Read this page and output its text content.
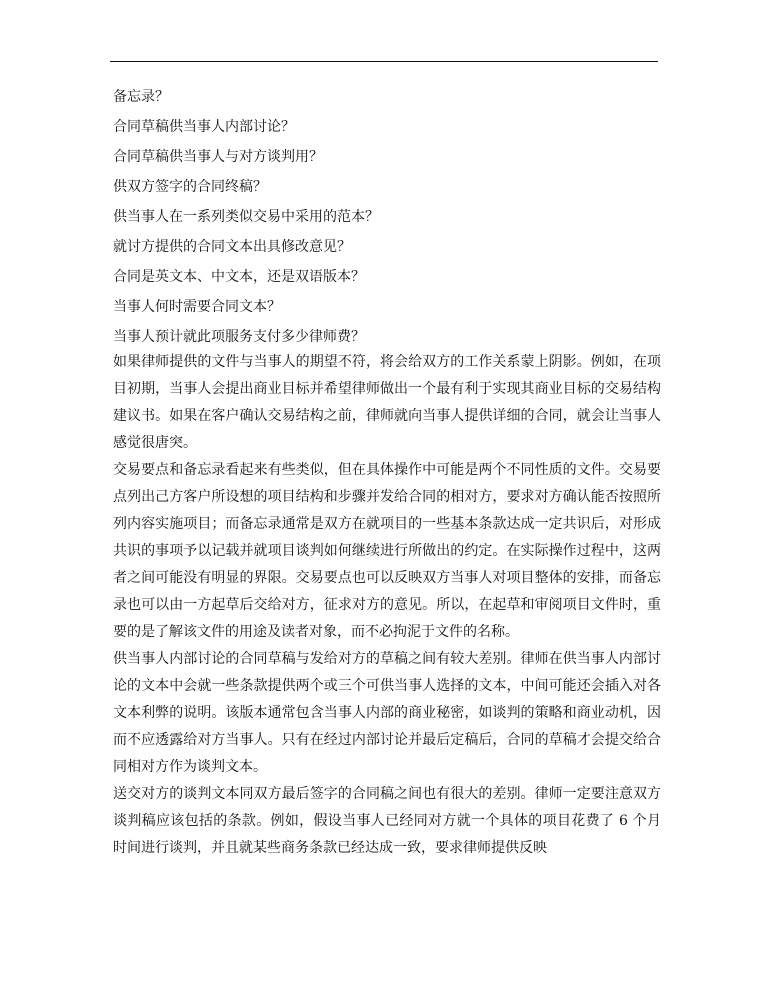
备忘录？

合同草稿供当事人内部讨论？

合同草稿供当事人与对方谈判用？

供双方签字的合同终稿？

供当事人在一系列类似交易中采用的范本？

就讨方提供的合同文本出具修改意见？

合同是英文本、中文本，还是双语版本？

当事人何时需要合同文本？

当事人预计就此项服务支付多少律师费？

如果律师提供的文件与当事人的期望不符，将会给双方的工作关系蒙上阴影。例如，在项目初期，当事人会提出商业目标并希望律师做出一个最有利于实现其商业目标的交易结构建议书。如果在客户确认交易结构之前，律师就向当事人提供详细的合同，就会让当事人感觉很唐突。

交易要点和备忘录看起来有些类似，但在具体操作中可能是两个不同性质的文件。交易要点列出己方客户所设想的项目结构和步骤并发给合同的相对方，要求对方确认能否按照所列内容实施项目；而备忘录通常是双方在就项目的一些基本条款达成一定共识后，对形成共识的事项予以记载并就项目谈判如何继续进行所做出的约定。在实际操作过程中，这两者之间可能没有明显的界限。交易要点也可以反映双方当事人对项目整体的安排，而备忘录也可以由一方起草后交给对方，征求对方的意见。所以，在起草和审阅项目文件时，重要的是了解该文件的用途及读者对象，而不必拘泥于文件的名称。

供当事人内部讨论的合同草稿与发给对方的草稿之间有较大差别。律师在供当事人内部讨论的文本中会就一些条款提供两个或三个可供当事人选择的文本，中间可能还会插入对各文本利弊的说明。该版本通常包含当事人内部的商业秘密，如谈判的策略和商业动机，因而不应透露给对方当事人。只有在经过内部讨论并最后定稿后，合同的草稿才会提交给合同相对方作为谈判文本。

送交对方的谈判文本同双方最后签字的合同稿之间也有很大的差别。律师一定要注意双方谈判稿应该包括的条款。例如，假设当事人已经同对方就一个具体的项目花费了 6 个月时间进行谈判，并且就某些商务条款已经达成一致，要求律师提供反映
